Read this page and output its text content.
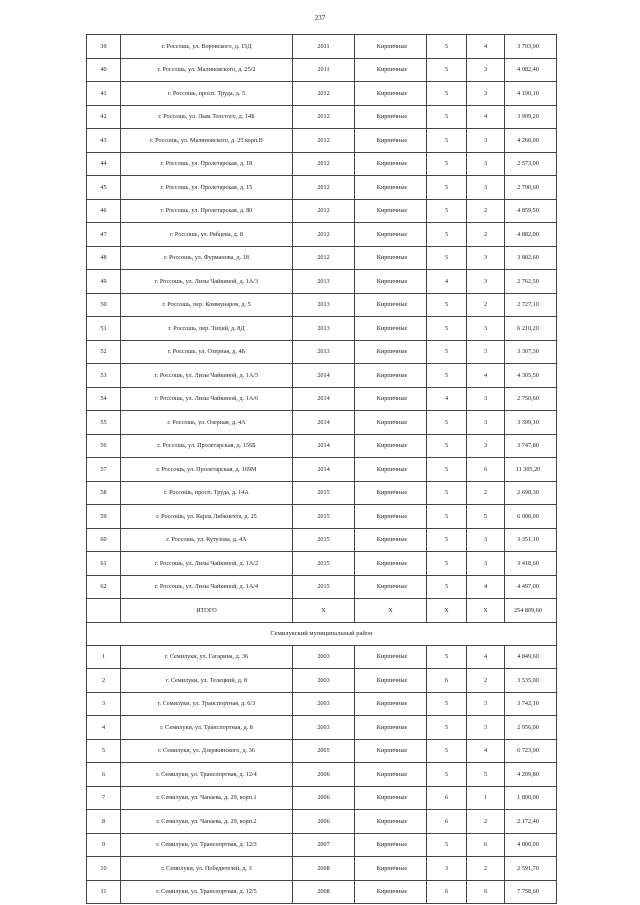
237
39	г. Россошь, ул. Воровского, д. 15Д	2011	Кирпичные	5	4	3 793,00
40	г. Россошь, ул. Малиновского, д. 25/2	2011	Кирпичные	5	3	4 082,40
41	г. Россошь, просп. Труда, д. 5	2012	Кирпичные	5	3	4 190,10
42	г. Россошь, ул. Льва Толстого, д. 14Б	2012	Кирпичные	5	4	3 909,20
43	г. Россошь, ул. Малиновского, д. 25 корп.В	2012	Кирпичные	5	3	4 268,00
44	г. Россошь, ул. Пролетарская, д. 18	2012	Кирпичные	5	3	2 573,00
45	г. Россошь, ул. Пролетарская, д. 15	2012	Кирпичные	5	3	2 790,60
46	г. Россошь, ул. Пролетарская, д. 80	2012	Кирпичные	5	2	4 859,50
47	г. Россошь, ул. Рябцева, д. 8	2012	Кирпичные	5	2	4 882,00
48	г. Россошь, ул. Фурманова, д. 18	2012	Кирпичные	5	3	3 882,60
49	г. Россошь, ул. Лизы Чайкиной, д. 1А/3	2013	Кирпичные	4	3	2 762,50
50	г. Россошь, пер. Коммунаров, д. 5	2013	Кирпичные	5	2	2 727,10
51	г. Россошь, пер. Тихий, д. 8Д	2013	Кирпичные	5	3	6 210,20
52	г. Россошь, ул. Озерная, д. 4Б	2013	Кирпичные	5	3	3 307,30
53	г. Россошь, ул. Лизы Чайкиной, д. 1А/5	2014	Кирпичные	5	4	4 305,50
54	г. Россошь, ул. Лизы Чайкиной, д. 1А/6	2014	Кирпичные	4	3	2 750,60
55	г. Россошь, ул. Озерная, д. 4А	2014	Кирпичные	5	3	3 399,10
56	г. Россошь, ул. Пролетарская, д. 156Б	2014	Кирпичные	5	3	3 747,80
57	г. Россошь, ул. Пролетарская, д. 169М	2014	Кирпичные	5	6	11 305,20
58	г. Россошь, просп. Труда, д. 14А	2015	Кирпичные	5	2	2 698,30
59	г. Россошь, ул. Карла Либкнехта, д. 25	2015	Кирпичные	5	5	6 008,00
60	г. Россошь, ул. Кутузова, д. 4А	2015	Кирпичные	5	3	3 351,10
61	г. Россошь, ул. Лизы Чайкиной, д. 1А/2	2015	Кирпичные	5	3	3 418,60
62	г. Россошь, ул. Лизы Чайкиной, д. 1А/4	2015	Кирпичные	5	4	4 497,00
	ИТОГО	X	X	X	X	254 809,60
Семилукский муниципальный район						
1	г. Семилуки, ул. Гагарина, д. 36	2003	Кирпичные	5	4	4 849,60
2	г. Семилуки, ул. Телецкий, д. 8	2003	Кирпичные	6	2	3 535,00
3	г. Семилуки, ул. Транспортная, д. 6/3	2003	Кирпичные	5	3	3 742,10
4	г. Семилуки, ул. Транспортная, д. 8	2003	Кирпичные	5	3	2 956,00
5	г. Семилуки, ул. Дзержинского, д. 36	2005	Кирпичные	5	4	6 723,00
6	г. Семилуки, ул. Транспортная, д. 12/4	2006	Кирпичные	5	5	4 209,80
7	г. Семилуки, ул. Чапаева, д. 29, корп.1	2006	Кирпичные	6	1	1 800,00
8	г. Семилуки, ул. Чапаева, д. 29, корп.2	2006	Кирпичные	6	2	2 172,40
9	г. Семилуки, ул. Транспортная, д. 12/3	2007	Кирпичные	5	6	4 800,00
10	г. Семилуки, ул. Победителей, д. 3	2008	Кирпичные	3	2	2 591,70
11	г. Семилуки, ул. Транспортная, д. 12/5	2008	Кирпичные	6	6	7 758,60
